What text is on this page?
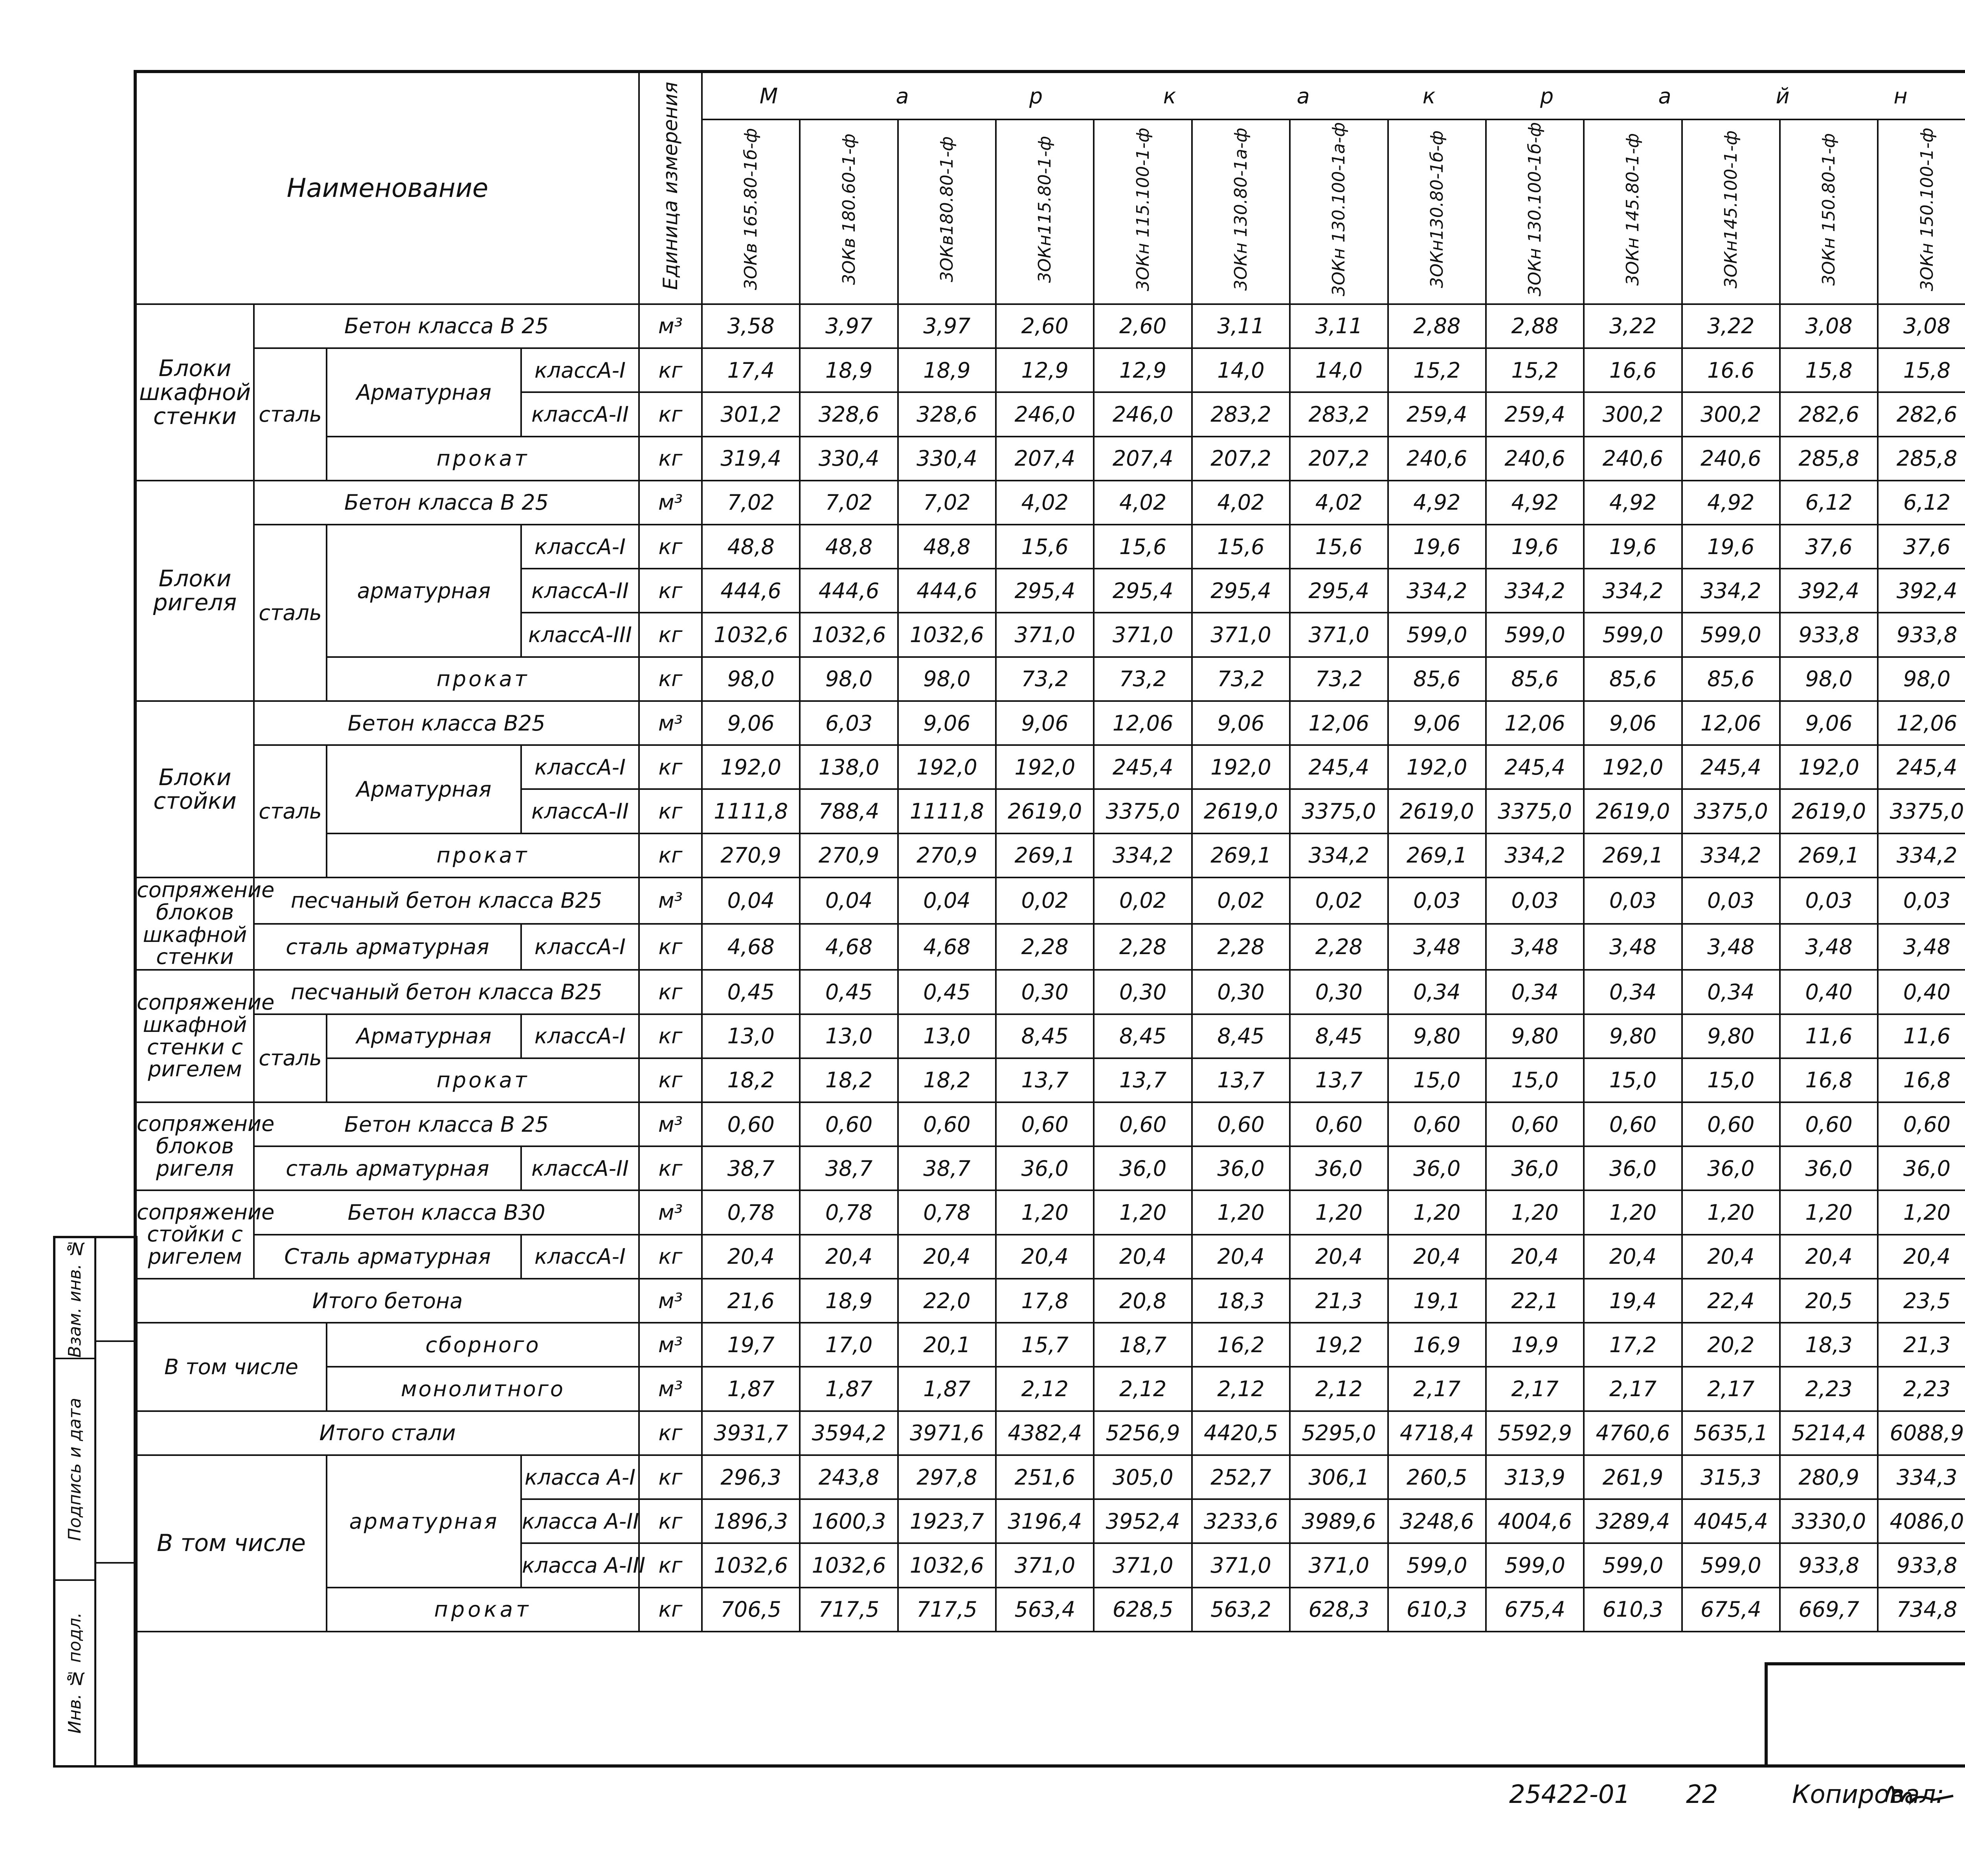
Взам. инв. №
Подпись и дата
Инв. № подл.
Наименование				Единица измерения	М а р к а к р а й н																		
					3ОКв 165.80-1б-ф	3ОКв 180.60-1-ф	3ОКв180.80-1-ф	3ОКн115.80-1-ф	3ОКн 115.100-1-ф	3ОКн 130.80-1а-ф	3ОКн 130.100-1а-ф	3ОКн130.80-1б-ф	3ОКн 130.100-1б-ф	3ОКн 145.80-1-ф	3ОКн145.100-1-ф	3ОКн 150.80-1-ф	3ОКн 150.100-1-ф						
Блоки шкафной стенки	Бетон класса В 25			м³	3,58	3,97	3,97	2,60	2,60	3,11	3,11	2,88	2,88	3,22	3,22	3,08	3,08						
	сталь	Арматурная	классА-I	кг	17,4	18,9	18,9	12,9	12,9	14,0	14,0	15,2	15,2	16,6	16.6	15,8	15,8						
			классА-II	кг	301,2	328,6	328,6	246,0	246,0	283,2	283,2	259,4	259,4	300,2	300,2	282,6	282,6						
		прокат		кг	319,4	330,4	330,4	207,4	207,4	207,2	207,2	240,6	240,6	240,6	240,6	285,8	285,8						
Блоки ригеля	Бетон класса В 25			м³	7,02	7,02	7,02	4,02	4,02	4,02	4,02	4,92	4,92	4,92	4,92	6,12	6,12						
	сталь	арматурная	классА-I	кг	48,8	48,8	48,8	15,6	15,6	15,6	15,6	19,6	19,6	19,6	19,6	37,6	37,6						
			классА-II	кг	444,6	444,6	444,6	295,4	295,4	295,4	295,4	334,2	334,2	334,2	334,2	392,4	392,4						
			классА-III	кг	1032,6	1032,6	1032,6	371,0	371,0	371,0	371,0	599,0	599,0	599,0	599,0	933,8	933,8						
		прокат		кг	98,0	98,0	98,0	73,2	73,2	73,2	73,2	85,6	85,6	85,6	85,6	98,0	98,0						
Блоки стойки	Бетон класса В25			м³	9,06	6,03	9,06	9,06	12,06	9,06	12,06	9,06	12,06	9,06	12,06	9,06	12,06						
	сталь	Арматурная	классА-I	кг	192,0	138,0	192,0	192,0	245,4	192,0	245,4	192,0	245,4	192,0	245,4	192,0	245,4						
			классА-II	кг	1111,8	788,4	1111,8	2619,0	3375,0	2619,0	3375,0	2619,0	3375,0	2619,0	3375,0	2619,0	3375,0						
		прокат		кг	270,9	270,9	270,9	269,1	334,2	269,1	334,2	269,1	334,2	269,1	334,2	269,1	334,2						
сопряжение блоков шкафной стенки	песчаный бетон класса В25			м³	0,04	0,04	0,04	0,02	0,02	0,02	0,02	0,03	0,03	0,03	0,03	0,03	0,03						
	сталь арматурная		классА-I	кг	4,68	4,68	4,68	2,28	2,28	2,28	2,28	3,48	3,48	3,48	3,48	3,48	3,48						
сопряжение шкафной стенки с ригелем	песчаный бетон класса В25			кг	0,45	0,45	0,45	0,30	0,30	0,30	0,30	0,34	0,34	0,34	0,34	0,40	0,40						
	сталь	Арматурная	классА-I	кг	13,0	13,0	13,0	8,45	8,45	8,45	8,45	9,80	9,80	9,80	9,80	11,6	11,6						
		прокат		кг	18,2	18,2	18,2	13,7	13,7	13,7	13,7	15,0	15,0	15,0	15,0	16,8	16,8						
сопряжение блоков ригеля	Бетон класса В 25			м³	0,60	0,60	0,60	0,60	0,60	0,60	0,60	0,60	0,60	0,60	0,60	0,60	0,60						
	сталь арматурная		классА-II	кг	38,7	38,7	38,7	36,0	36,0	36,0	36,0	36,0	36,0	36,0	36,0	36,0	36,0						
сопряжение стойки с ригелем	Бетон класса В30			м³	0,78	0,78	0,78	1,20	1,20	1,20	1,20	1,20	1,20	1,20	1,20	1,20	1,20						
	Сталь арматурная		классА-I	кг	20,4	20,4	20,4	20,4	20,4	20,4	20,4	20,4	20,4	20,4	20,4	20,4	20,4						
Итого бетона				м³	21,6	18,9	22,0	17,8	20,8	18,3	21,3	19,1	22,1	19,4	22,4	20,5	23,5						
В том числе		сборного		м³	19,7	17,0	20,1	15,7	18,7	16,2	19,2	16,9	19,9	17,2	20,2	18,3	21,3						
		монолитного		м³	1,87	1,87	1,87	2,12	2,12	2,12	2,12	2,17	2,17	2,17	2,17	2,23	2,23						
Итого стали				кг	3931,7	3594,2	3971,6	4382,4	5256,9	4420,5	5295,0	4718,4	5592,9	4760,6	5635,1	5214,4	6088,9						
В том числе		арматурная	класса А-I	кг	296,3	243,8	297,8	251,6	305,0	252,7	306,1	260,5	313,9	261,9	315,3	280,9	334,3						
			класса А-II	кг	1896,3	1600,3	1923,7	3196,4	3952,4	3233,6	3989,6	3248,6	4004,6	3289,4	4045,4	3330,0	4086,0						
			класса А-III	кг	1032,6	1032,6	1032,6	371,0	371,0	371,0	371,0	599,0	599,0	599,0	599,0	933,8	933,8						
		прокат		кг	706,5	717,5	717,5	563,4	628,5	563,2	628,3	610,3	675,4	610,3	675,4	669,7	734,8						
25422-01 22	Копировал:
